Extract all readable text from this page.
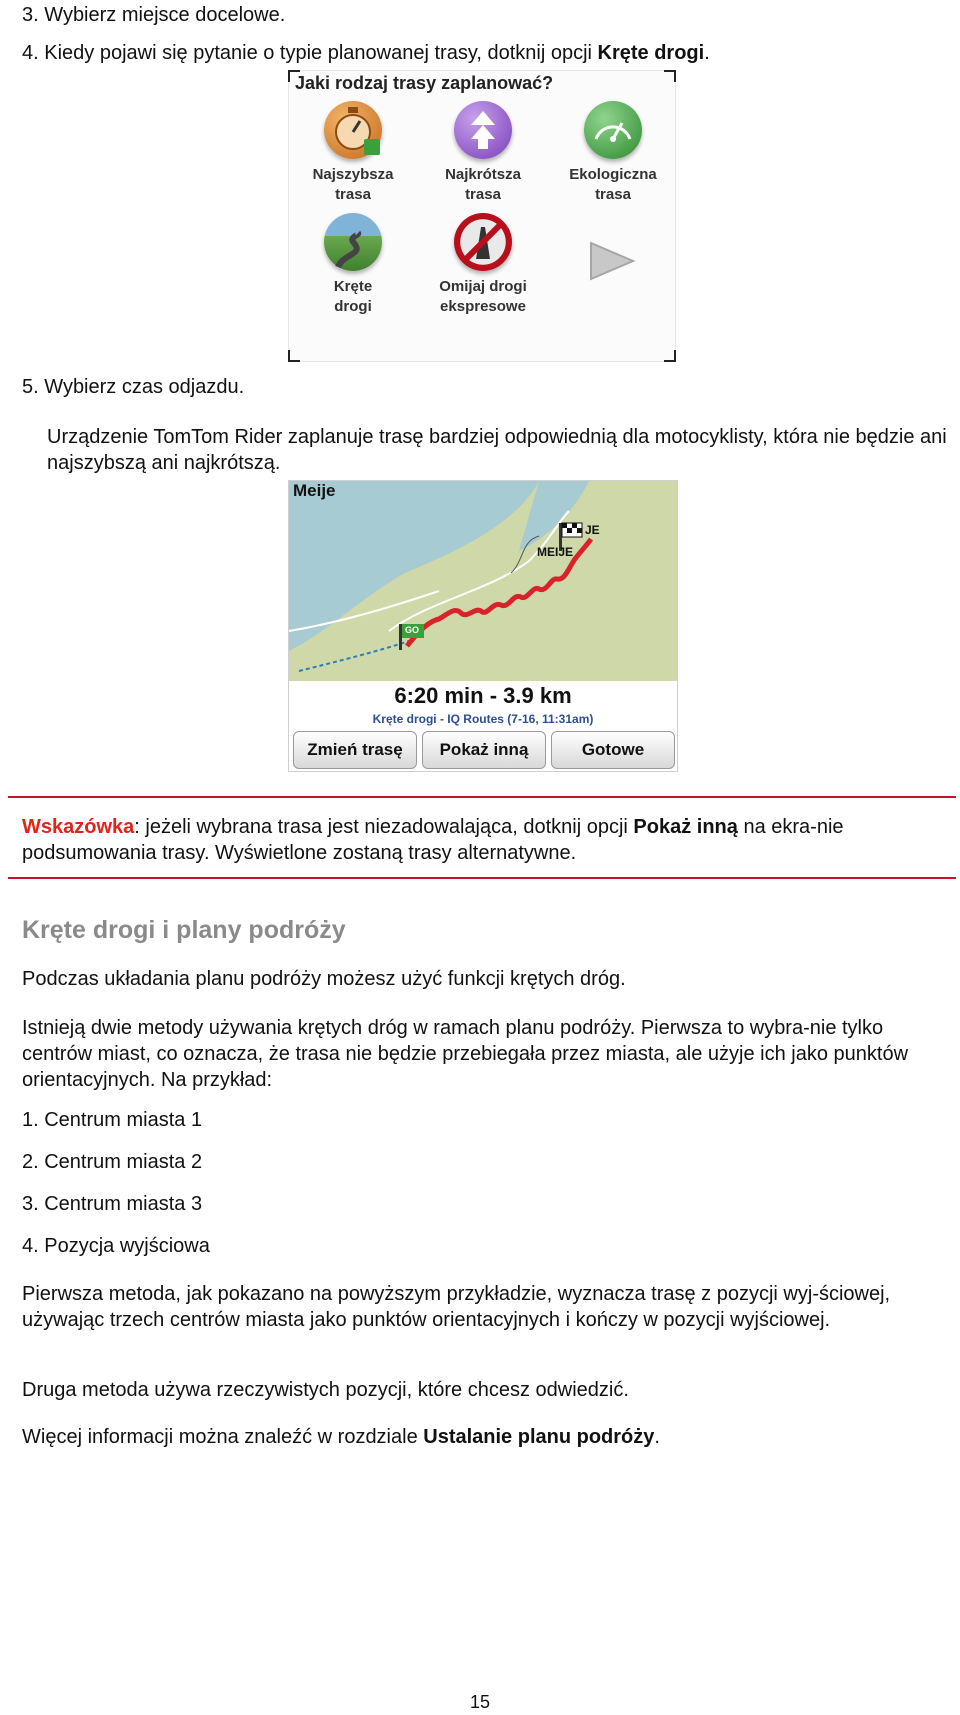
3. Wybierz miejsce docelowe.

4. Kiedy pojawi się pytanie o typie planowanej trasy, dotknij opcji Kręte drogi.

Jaki rodzaj trasy zaplanować?
Najszybsza
trasa
Najkrótsza
trasa
Ekologiczna
trasa
Kręte
drogi
Omijaj drogi
ekspresowe

5. Wybierz czas odjazdu.

Urządzenie TomTom Rider zaplanuje trasę bardziej odpowiednią dla motocyklisty, która nie będzie ani najszybszą ani najkrótszą.

Meije
MEIJE
JE
GO
6:20 min - 3.9 km
Kręte drogi - IQ Routes (7-16, 11:31am)
Zmień trasę	Pokaż inną	Gotowe

Wskazówka: jeżeli wybrana trasa jest niezadowalająca, dotknij opcji Pokaż inną na ekra-nie podsumowania trasy. Wyświetlone zostaną trasy alternatywne.

Kręte drogi i plany podróży

Podczas układania planu podróży możesz użyć funkcji krętych dróg.

Istnieją dwie metody używania krętych dróg w ramach planu podróży. Pierwsza to wybra-nie tylko centrów miast, co oznacza, że trasa nie będzie przebiegała przez miasta, ale użyje ich jako punktów orientacyjnych. Na przykład:

1. Centrum miasta 1

2. Centrum miasta 2

3. Centrum miasta 3

4. Pozycja wyjściowa

Pierwsza metoda, jak pokazano na powyższym przykładzie, wyznacza trasę z pozycji wyj-ściowej, używając trzech centrów miasta jako punktów orientacyjnych i kończy w pozycji wyjściowej.

Druga metoda używa rzeczywistych pozycji, które chcesz odwiedzić.

Więcej informacji można znaleźć w rozdziale Ustalanie planu podróży.

15
